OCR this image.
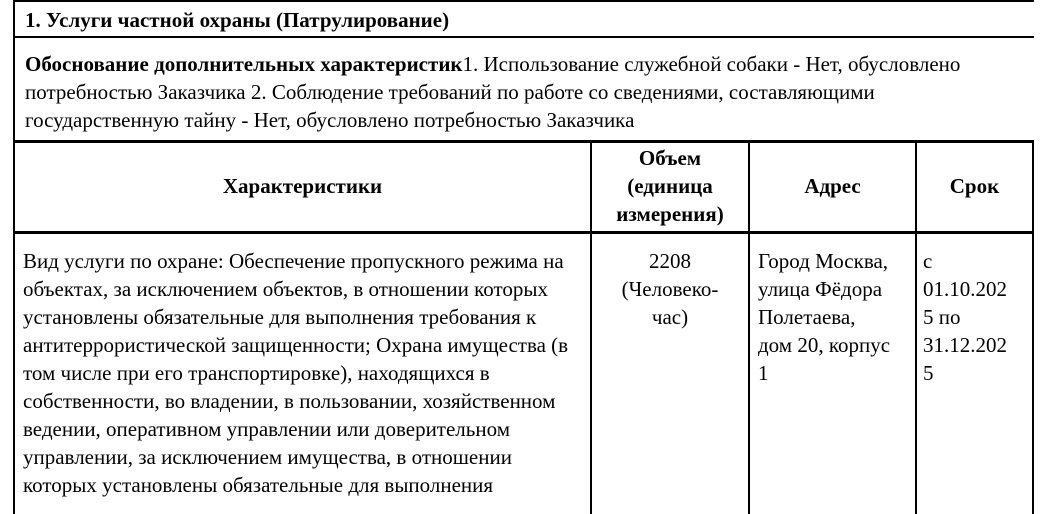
1. Услуги частной охраны (Патрулирование)
Обоснование дополнительных характеристик1. Использование служебной собаки - Нет, обусловлено потребностью Заказчика 2. Соблюдение требований по работе со сведениями, составляющими государственную тайну - Нет, обусловлено потребностью Заказчика
Характеристики
Объем
(единица
измерения)
Адрес	Срок
Вид услуги по охране: Обеспечение пропускного режима на объектах, за исключением объектов, в отношении которых установлены обязательные для выполнения требования к антитеррористической защищенности; Охрана имущества (в том числе при его транспортировке), находящихся в собственности, во владении, в пользовании, хозяйственном ведении, оперативном управлении или доверительном управлении, за исключением имущества, в отношении которых установлены обязательные для выполнения
2208
(Человеко-
час)
Город Москва,
улица Фёдора
Полетаева,
дом 20, корпус
1
с
01.10.202
5 по
31.12.202
5
